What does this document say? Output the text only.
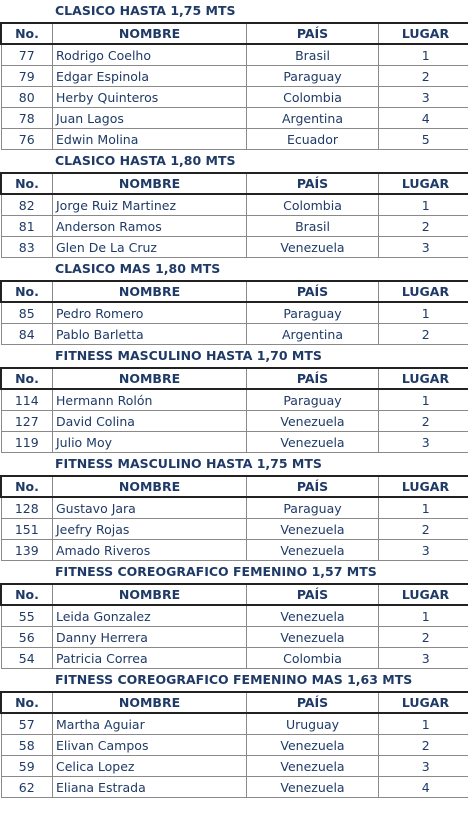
CLASICO HASTA 1,75 MTS
No.	NOMBRE	PAÍS	LUGAR
77	Rodrigo Coelho	Brasil	1
79	Edgar Espinola	Paraguay	2
80	Herby Quinteros	Colombia	3
78	Juan Lagos	Argentina	4
76	Edwin Molina	Ecuador	5
CLASICO HASTA 1,80 MTS
No.	NOMBRE	PAÍS	LUGAR
82	Jorge Ruiz Martinez	Colombia	1
81	Anderson Ramos	Brasil	2
83	Glen De La Cruz	Venezuela	3
CLASICO MAS 1,80 MTS
No.	NOMBRE	PAÍS	LUGAR
85	Pedro Romero	Paraguay	1
84	Pablo Barletta	Argentina	2
FITNESS MASCULINO HASTA 1,70 MTS
No.	NOMBRE	PAÍS	LUGAR
114	Hermann Rolón	Paraguay	1
127	David Colina	Venezuela	2
119	Julio Moy	Venezuela	3
FITNESS MASCULINO HASTA 1,75 MTS
No.	NOMBRE	PAÍS	LUGAR
128	Gustavo Jara	Paraguay	1
151	Jeefry Rojas	Venezuela	2
139	Amado Riveros	Venezuela	3
FITNESS COREOGRAFICO FEMENINO 1,57 MTS
No.	NOMBRE	PAÍS	LUGAR
55	Leida Gonzalez	Venezuela	1
56	Danny Herrera	Venezuela	2
54	Patricia Correa	Colombia	3
FITNESS COREOGRAFICO FEMENINO MAS 1,63 MTS
No.	NOMBRE	PAÍS	LUGAR
57	Martha Aguiar	Uruguay	1
58	Elivan Campos	Venezuela	2
59	Celica Lopez	Venezuela	3
62	Eliana Estrada	Venezuela	4
